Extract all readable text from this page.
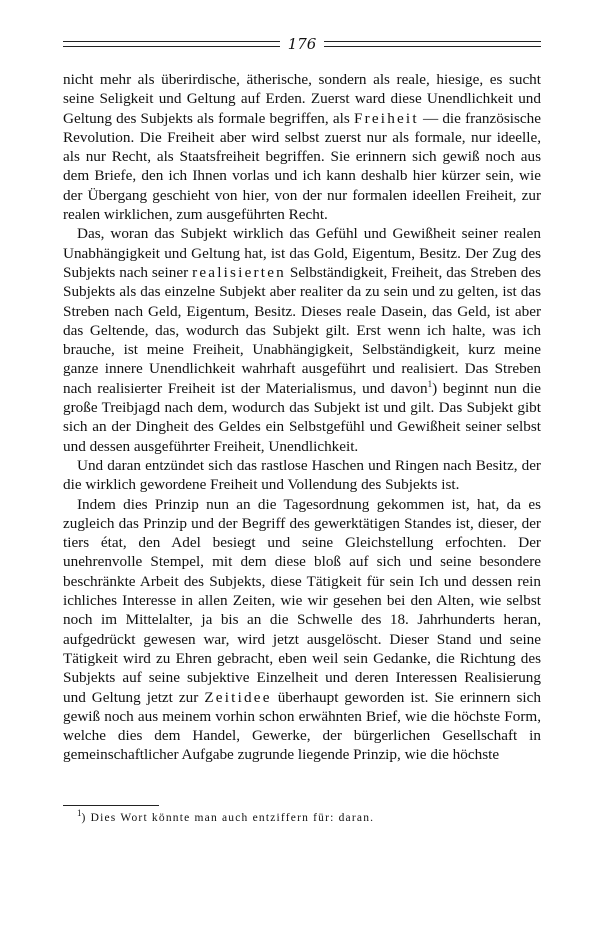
176

nicht mehr als überirdische, ätherische, sondern als reale, hiesige, es sucht seine Seligkeit und Geltung auf Erden. Zuerst ward diese Unendlichkeit und Geltung des Subjekts als formale begriffen, als Freiheit — die französische Revolution. Die Freiheit aber wird selbst zuerst nur als formale, nur ideelle, als nur Recht, als Staatsfreiheit begriffen. Sie erinnern sich gewiß noch aus dem Briefe, den ich Ihnen vorlas und ich kann deshalb hier kürzer sein, wie der Übergang geschieht von hier, von der nur formalen ideellen Freiheit, zur realen wirklichen, zum ausgeführten Recht.

Das, woran das Subjekt wirklich das Gefühl und Gewißheit seiner realen Unabhängigkeit und Geltung hat, ist das Gold, Eigentum, Besitz. Der Zug des Subjekts nach seiner realisierten Selbständigkeit, Freiheit, das Streben des Subjekts als das einzelne Subjekt aber realiter da zu sein und zu gelten, ist das Streben nach Geld, Eigentum, Besitz. Dieses reale Dasein, das Geld, ist aber das Geltende, das, wodurch das Subjekt gilt. Erst wenn ich halte, was ich brauche, ist meine Freiheit, Unabhängigkeit, Selbständigkeit, kurz meine ganze innere Unendlichkeit wahrhaft ausgeführt und realisiert. Das Streben nach realisierter Freiheit ist der Materialismus, und davon$^1$) beginnt nun die große Treibjagd nach dem, wodurch das Subjekt ist und gilt. Das Subjekt gibt sich an der Dingheit des Geldes ein Selbstgefühl und Gewißheit seiner selbst und dessen ausgeführter Freiheit, Unendlichkeit.

Und daran entzündet sich das rastlose Haschen und Ringen nach Besitz, der die wirklich gewordene Freiheit und Vollendung des Subjekts ist.

Indem dies Prinzip nun an die Tagesordnung gekommen ist, hat, da es zugleich das Prinzip und der Begriff des gewerktätigen Standes ist, dieser, der tiers état, den Adel besiegt und seine Gleichstellung erfochten. Der unehrenvolle Stempel, mit dem diese bloß auf sich und seine besondere beschränkte Arbeit des Subjekts, diese Tätigkeit für sein Ich und dessen rein ichliches Interesse in allen Zeiten, wie wir gesehen bei den Alten, wie selbst noch im Mittelalter, ja bis an die Schwelle des 18. Jahrhunderts heran, aufgedrückt gewesen war, wird jetzt ausgelöscht. Dieser Stand und seine Tätigkeit wird zu Ehren gebracht, eben weil sein Gedanke, die Richtung des Subjekts auf seine subjektive Einzelheit und deren Interessen Realisierung und Geltung jetzt zur Zeitidee überhaupt geworden ist. Sie erinnern sich gewiß noch aus meinem vorhin schon erwähnten Brief, wie die höchste Form, welche dies dem Handel, Gewerke, der bürgerlichen Gesellschaft in gemeinschaftlicher Aufgabe zugrunde liegende Prinzip, wie die höchste

$^1$) Dies Wort könnte man auch entziffern für: daran.
